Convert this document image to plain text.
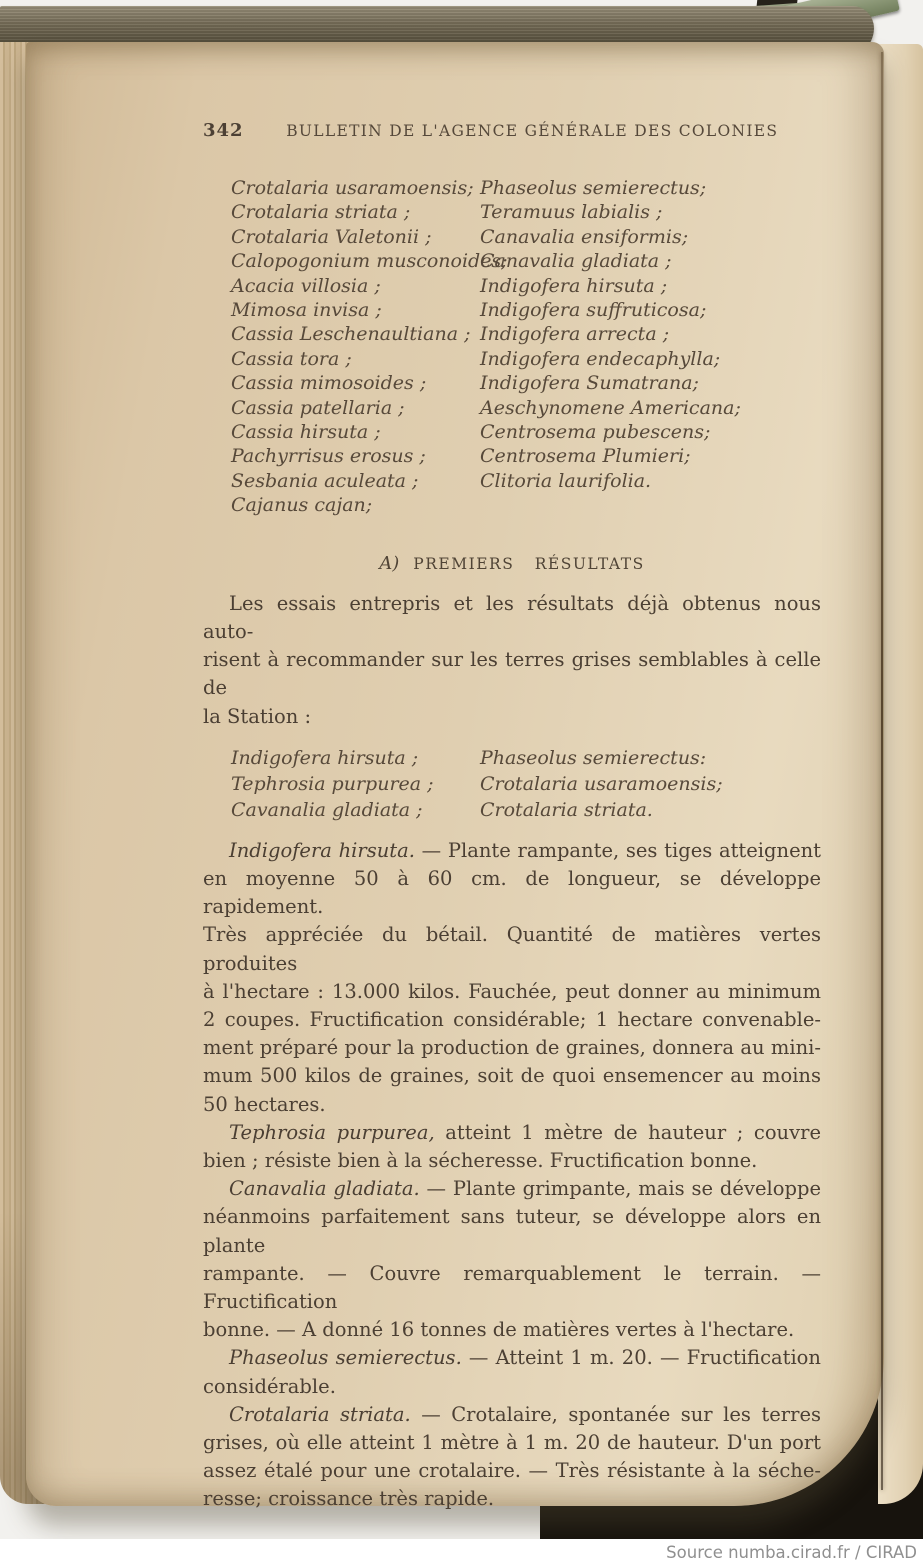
342	BULLETIN DE L'AGENCE GÉNÉRALE DES COLONIES
Crotalaria usaramoensis;
Crotalaria striata ;
Crotalaria Valetonii ;
Calopogonium musconoides;
Acacia villosia ;
Mimosa invisa ;
Cassia Leschenaultiana ;
Cassia tora ;
Cassia mimosoides ;
Cassia patellaria ;
Cassia hirsuta ;
Pachyrrisus erosus ;
Sesbania aculeata ;
Cajanus cajan;
Phaseolus semierectus;
Teramuus labialis ;
Canavalia ensiformis;
Canavalia gladiata ;
Indigofera hirsuta ;
Indigofera suffruticosa;
Indigofera arrecta ;
Indigofera endecaphylla;
Indigofera Sumatrana;
Aeschynomene Americana;
Centrosema pubescens;
Centrosema Plumieri;
Clitoria laurifolia.
A) PREMIERS RÉSULTATS
Les essais entrepris et les résultats déjà obtenus nous auto-
risent à recommander sur les terres grises semblables à celle de
la Station :
Indigofera hirsuta ;
Tephrosia purpurea ;
Cavanalia gladiata ;
Phaseolus semierectus:
Crotalaria usaramoensis;
Crotalaria striata.
Indigofera hirsuta. — Plante rampante, ses tiges atteignent
en moyenne 50 à 60 cm. de longueur, se développe rapidement.
Très appréciée du bétail. Quantité de matières vertes produites
à l'hectare : 13.000 kilos. Fauchée, peut donner au minimum
2 coupes. Fructification considérable; 1 hectare convenable-
ment préparé pour la production de graines, donnera au mini-
mum 500 kilos de graines, soit de quoi ensemencer au moins
50 hectares.
Tephrosia purpurea, atteint 1 mètre de hauteur ; couvre
bien ; résiste bien à la sécheresse. Fructification bonne.
Canavalia gladiata. — Plante grimpante, mais se développe
néanmoins parfaitement sans tuteur, se développe alors en plante
rampante. — Couvre remarquablement le terrain. — Fructification
bonne. — A donné 16 tonnes de matières vertes à l'hectare.
Phaseolus semierectus. — Atteint 1 m. 20. — Fructification
considérable.
Crotalaria striata. — Crotalaire, spontanée sur les terres
grises, où elle atteint 1 mètre à 1 m. 20 de hauteur. D'un port
assez étalé pour une crotalaire. — Très résistante à la séche-
resse; croissance très rapide.
Source numba.cirad.fr / CIRAD
